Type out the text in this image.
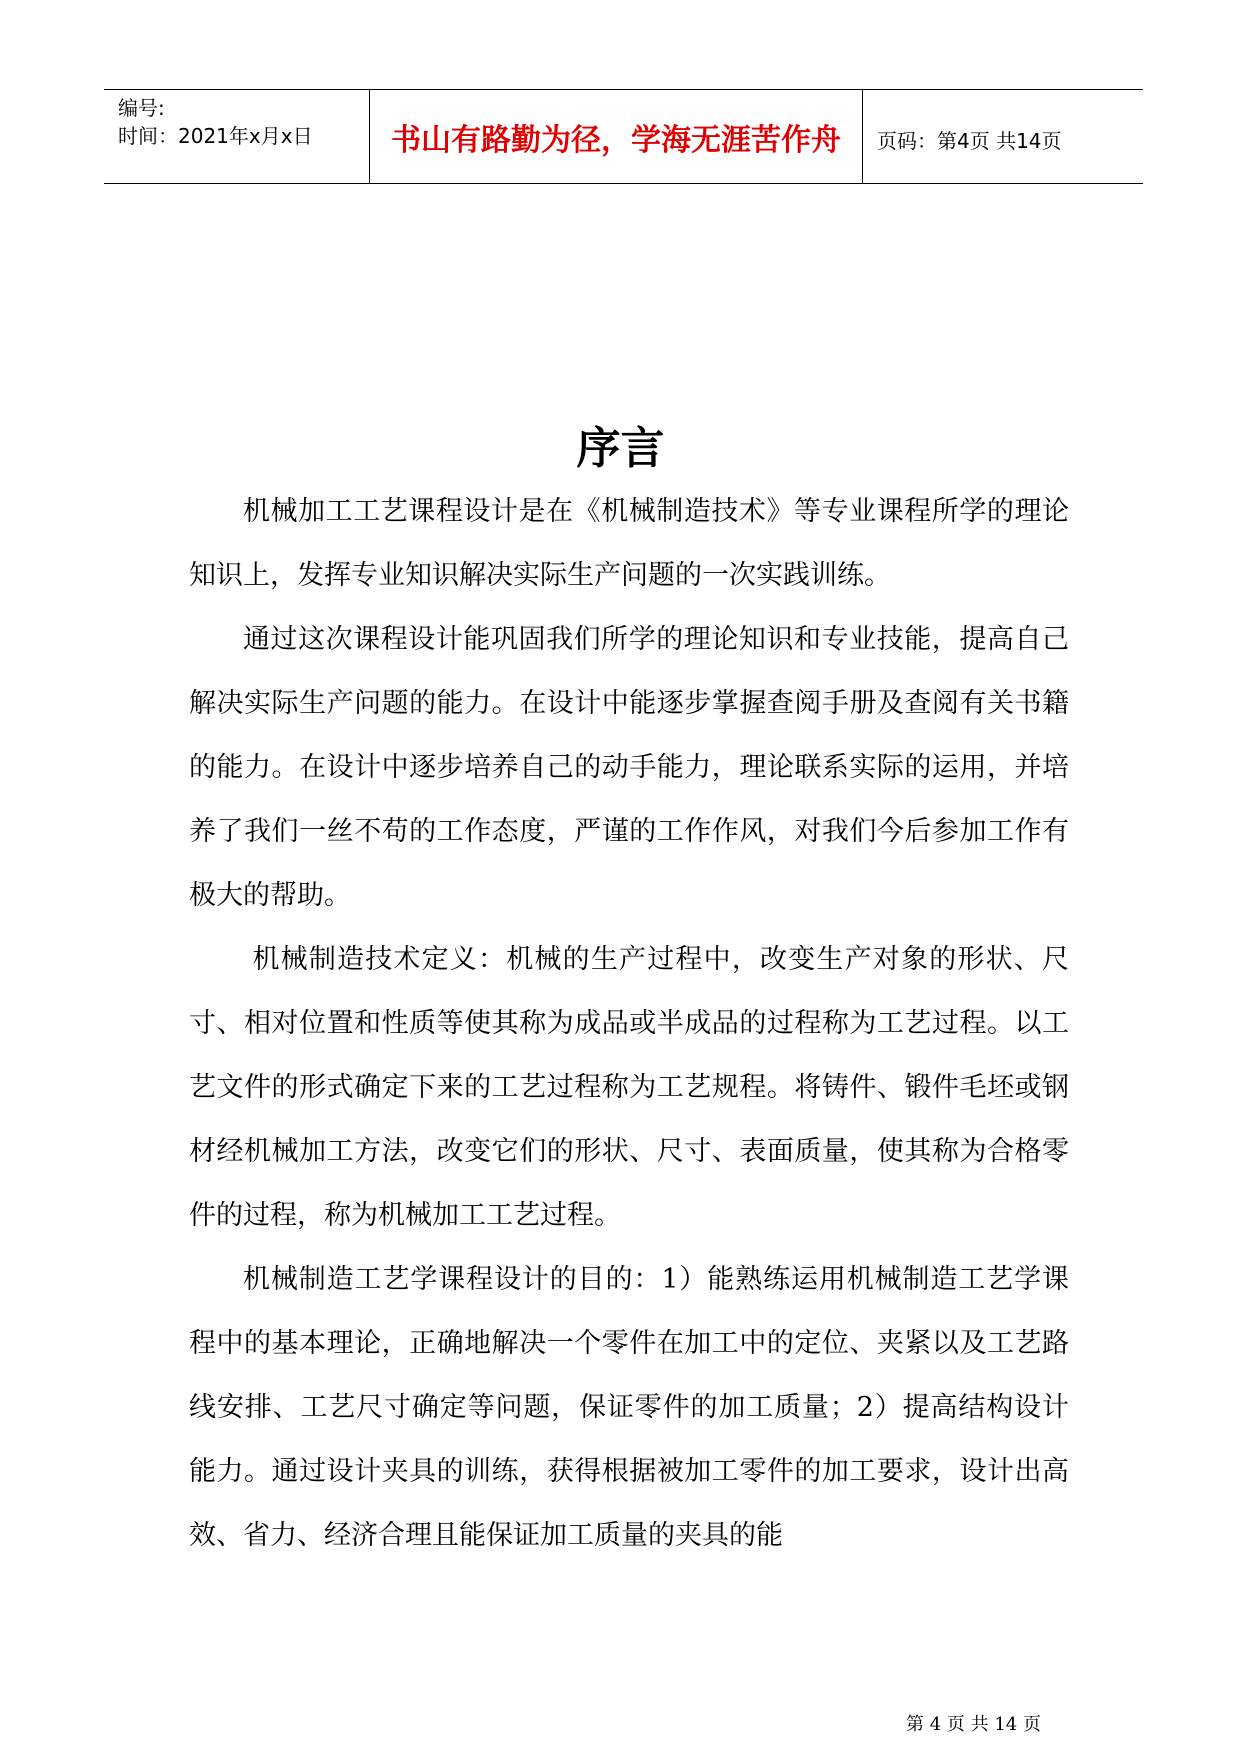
编号:
时间：2021年x月x日	书山有路勤为径，学海无涯苦作舟	页码：第4页 共14页
序言

机械加工工艺课程设计是在《机械制造技术》等专业课程所学的理论知识上，发挥专业知识解决实际生产问题的一次实践训练。

通过这次课程设计能巩固我们所学的理论知识和专业技能，提高自己解决实际生产问题的能力。在设计中能逐步掌握查阅手册及查阅有关书籍的能力。在设计中逐步培养自己的动手能力，理论联系实际的运用，并培养了我们一丝不苟的工作态度，严谨的工作作风，对我们今后参加工作有极大的帮助。

机械制造技术定义：机械的生产过程中，改变生产对象的形状、尺寸、相对位置和性质等使其称为成品或半成品的过程称为工艺过程。以工艺文件的形式确定下来的工艺过程称为工艺规程。将铸件、锻件毛坯或钢材经机械加工方法，改变它们的形状、尺寸、表面质量，使其称为合格零件的过程，称为机械加工工艺过程。

机械制造工艺学课程设计的目的：1）能熟练运用机械制造工艺学课程中的基本理论，正确地解决一个零件在加工中的定位、夹紧以及工艺路线安排、工艺尺寸确定等问题，保证零件的加工质量；2）提高结构设计能力。通过设计夹具的训练，获得根据被加工零件的加工要求，设计出高效、省力、经济合理且能保证加工质量的夹具的能

第 4 页 共 14 页
